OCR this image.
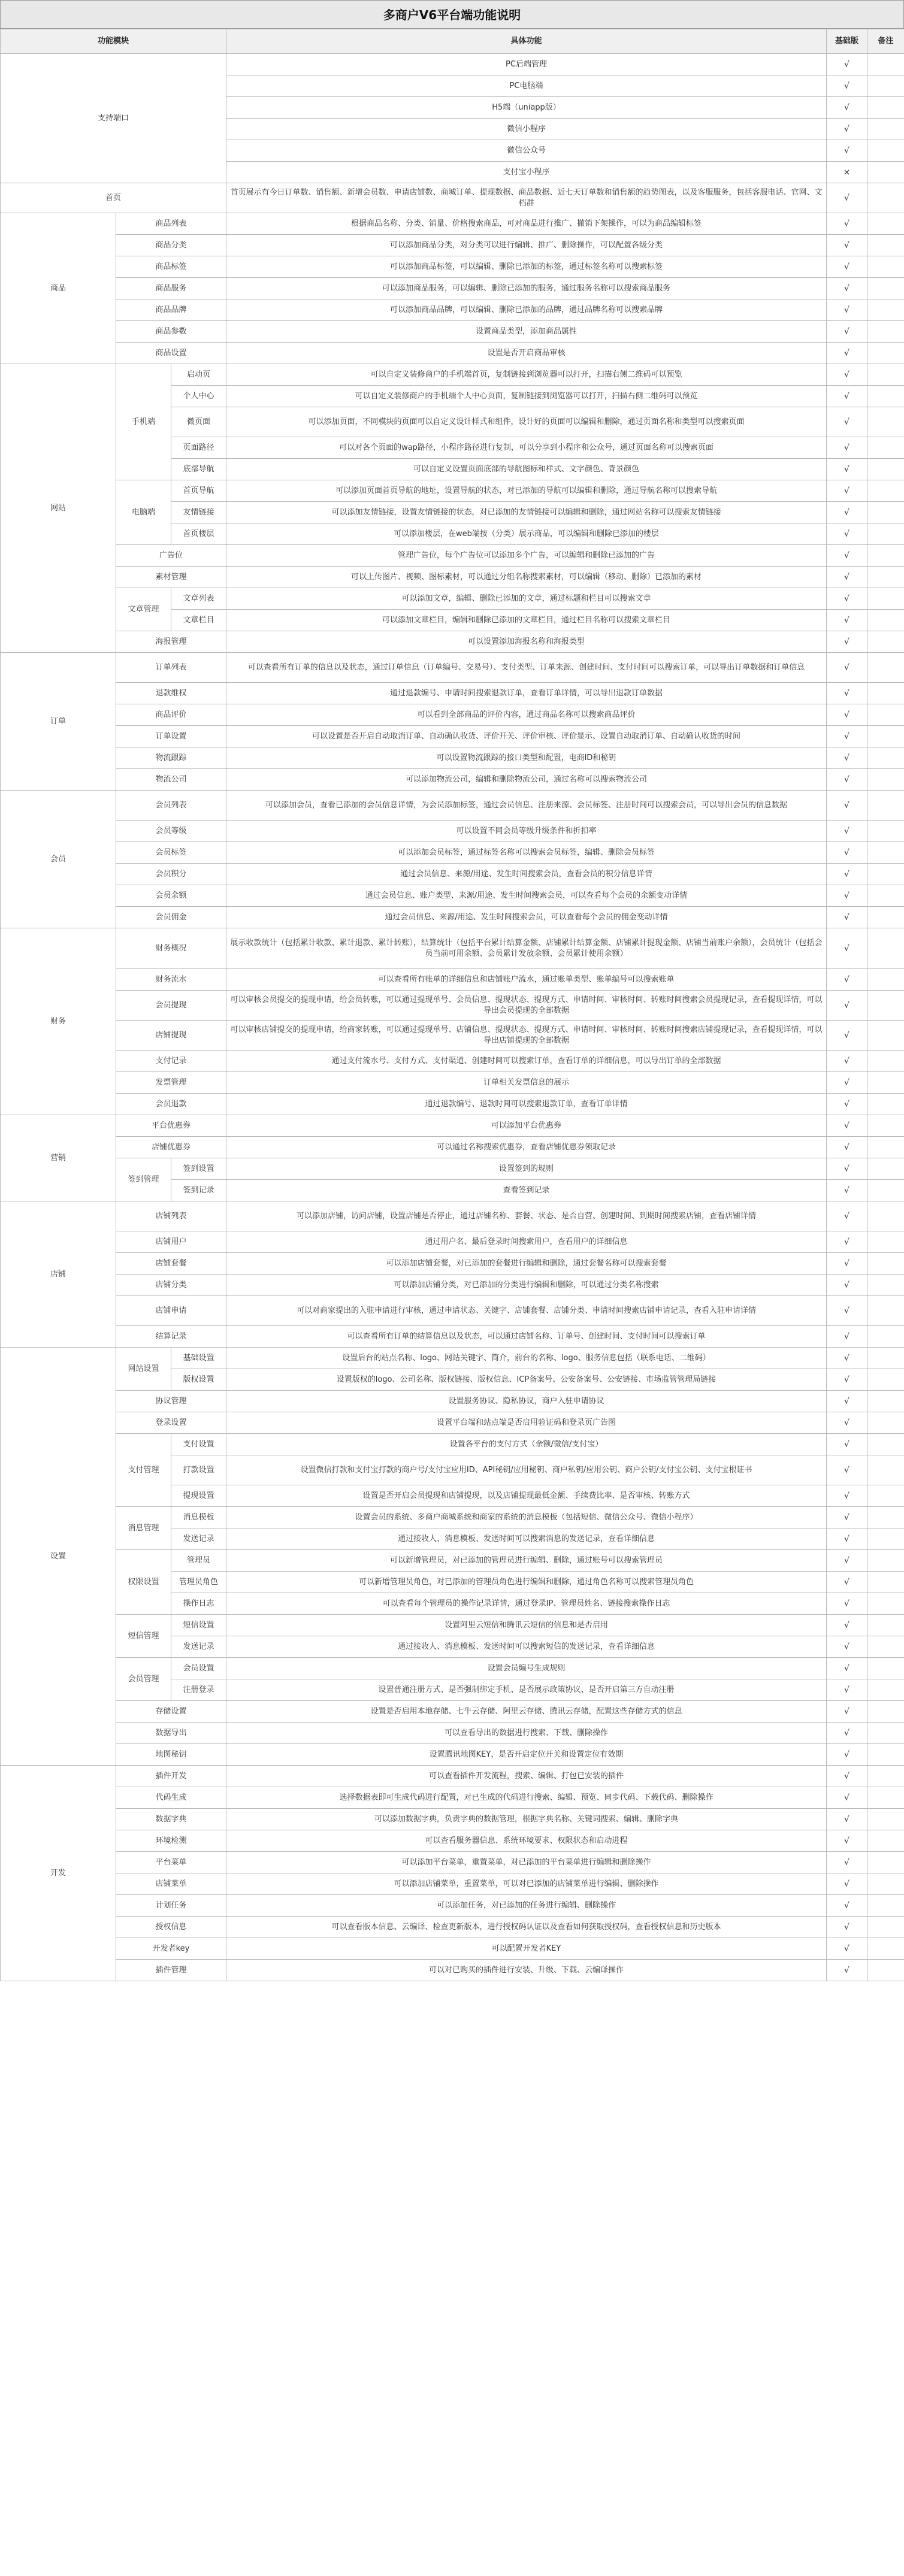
多商户V6平台端功能说明
功能模块			具体功能	基础版	备注
支持端口			PC后端管理	√	
			PC电脑端	√	
			H5端（uniapp版）	√	
			微信小程序	√	
			微信公众号	√	
			支付宝小程序	×	
首页			首页展示有今日订单数、销售额、新增会员数、申请店铺数、商城订单、提现数据、商品数据、近七天订单数和销售额的趋势图表，以及客服服务，包括客服电话、官网、文档群	√	
商品	商品列表		根据商品名称、分类、销量、价格搜索商品，可对商品进行推广、撤销下架操作，可以为商品编辑标签	√	
	商品分类		可以添加商品分类，对分类可以进行编辑、推广、删除操作，可以配置各级分类	√	
	商品标签		可以添加商品标签，可以编辑、删除已添加的标签，通过标签名称可以搜索标签	√	
	商品服务		可以添加商品服务，可以编辑、删除已添加的服务，通过服务名称可以搜索商品服务	√	
	商品品牌		可以添加商品品牌，可以编辑、删除已添加的品牌，通过品牌名称可以搜索品牌	√	
	商品参数		设置商品类型，添加商品属性	√	
	商品设置		设置是否开启商品审核	√	
网站	手机端	启动页	可以自定义装修商户的手机端首页，复制链接到浏览器可以打开，扫描右侧二维码可以预览	√	
		个人中心	可以自定义装修商户的手机端个人中心页面，复制链接到浏览器可以打开，扫描右侧二维码可以预览	√	
		微页面	可以添加页面，不同模块的页面可以自定义设计样式和组件，设计好的页面可以编辑和删除，通过页面名称和类型可以搜索页面	√	
		页面路径	可以对各个页面的wap路径，小程序路径进行复制，可以分享到小程序和公众号，通过页面名称可以搜索页面	√	
		底部导航	可以自定义设置页面底部的导航图标和样式、文字颜色、背景颜色	√	
	电脑端	首页导航	可以添加页面首页导航的地址，设置导航的状态，对已添加的导航可以编辑和删除，通过导航名称可以搜索导航	√	
		友情链接	可以添加友情链接，设置友情链接的状态，对已添加的友情链接可以编辑和删除，通过网站名称可以搜索友情链接	√	
		首页楼层	可以添加楼层，在web端按（分类）展示商品，可以编辑和删除已添加的楼层	√	
	广告位		管理广告位，每个广告位可以添加多个广告，可以编辑和删除已添加的广告	√	
	素材管理		可以上传图片、视频、图标素材，可以通过分组名称搜索素材，可以编辑（移动、删除）已添加的素材	√	
	文章管理	文章列表	可以添加文章，编辑、删除已添加的文章，通过标题和栏目可以搜索文章	√	
		文章栏目	可以添加文章栏目，编辑和删除已添加的文章栏目，通过栏目名称可以搜索文章栏目	√	
	海报管理		可以设置添加海报名称和海报类型	√	
订单	订单列表		可以查看所有订单的信息以及状态，通过订单信息（订单编号、交易号）、支付类型、订单来源、创建时间、支付时间可以搜索订单，可以导出订单数据和订单信息	√	
	退款维权		通过退款编号、申请时间搜索退款订单，查看订单详情，可以导出退款订单数据	√	
	商品评价		可以看到全部商品的评价内容，通过商品名称可以搜索商品评价	√	
	订单设置		可以设置是否开启自动取消订单、自动确认收货、评价开关、评价审核、评价显示、设置自动取消订单、自动确认收货的时间	√	
	物流跟踪		可以设置物流跟踪的接口类型和配置，电商ID和秘钥	√	
	物流公司		可以添加物流公司，编辑和删除物流公司，通过名称可以搜索物流公司	√	
会员	会员列表		可以添加会员，查看已添加的会员信息详情，为会员添加标签，通过会员信息、注册来源、会员标签、注册时间可以搜索会员，可以导出会员的信息数据	√	
	会员等级		可以设置不同会员等级升级条件和折扣率	√	
	会员标签		可以添加会员标签，通过标签名称可以搜索会员标签，编辑、删除会员标签	√	
	会员积分		通过会员信息、来源/用途、发生时间搜索会员，查看会员的积分信息详情	√	
	会员余额		通过会员信息、账户类型、来源/用途、发生时间搜索会员，可以查看每个会员的余额变动详情	√	
	会员佣金		通过会员信息、来源/用途、发生时间搜索会员，可以查看每个会员的佣金变动详情	√	
财务	财务概况		展示收款统计（包括累计收款、累计退款、累计转账），结算统计（包括平台累计结算金额、店铺累计结算金额、店铺累计提现金额、店铺当前账户余额），会员统计（包括会员当前可用余额、会员累计发放余额、会员累计使用余额）	√	
	财务流水		可以查看所有账单的详细信息和店铺账户流水，通过账单类型、账单编号可以搜索账单	√	
	会员提现		可以审核会员提交的提现申请，给会员转账，可以通过提现单号、会员信息、提现状态、提现方式、申请时间、审核时间、转账时间搜索会员提现记录，查看提现详情，可以导出会员提现的全部数据	√	
	店铺提现		可以审核店铺提交的提现申请，给商家转账，可以通过提现单号、店铺信息、提现状态、提现方式、申请时间、审核时间、转账时间搜索店铺提现记录，查看提现详情，可以导出店铺提现的全部数据	√	
	支付记录		通过支付流水号、支付方式、支付渠道、创建时间可以搜索订单，查看订单的详细信息，可以导出订单的全部数据	√	
	发票管理		订单相关发票信息的展示	√	
	会员退款		通过退款编号、退款时间可以搜索退款订单，查看订单详情	√	
营销	平台优惠券		可以添加平台优惠券	√	
	店铺优惠券		可以通过名称搜索优惠券，查看店铺优惠券领取记录	√	
	签到管理	签到设置	设置签到的规则	√	
		签到记录	查看签到记录	√	
店铺	店铺列表		可以添加店铺，访问店铺，设置店铺是否停止，通过店铺名称、套餐、状态、是否自营、创建时间、到期时间搜索店铺，查看店铺详情	√	
	店铺用户		通过用户名、最后登录时间搜索用户，查看用户的详细信息	√	
	店铺套餐		可以添加店铺套餐，对已添加的套餐进行编辑和删除，通过套餐名称可以搜索套餐	√	
	店铺分类		可以添加店铺分类，对已添加的分类进行编辑和删除，可以通过分类名称搜索	√	
	店铺申请		可以对商家提出的入驻申请进行审核，通过申请状态、关键字、店铺套餐、店铺分类、申请时间搜索店铺申请记录，查看入驻申请详情	√	
	结算记录		可以查看所有订单的结算信息以及状态，可以通过店铺名称、订单号、创建时间、支付时间可以搜索订单	√	
设置	网站设置	基础设置	设置后台的站点名称、logo、网站关键字、简介，前台的名称、logo、服务信息包括（联系电话、二维码）	√	
		版权设置	设置版权的logo、公司名称、版权链接、版权信息、ICP备案号、公安备案号、公安链接、市场监管管理局链接	√	
	协议管理		设置服务协议、隐私协议，商户入驻申请协议	√	
	登录设置		设置平台端和站点端是否启用验证码和登录页广告图	√	
	支付管理	支付设置	设置各平台的支付方式（余额/微信/支付宝）	√	
		打款设置	设置微信打款和支付宝打款的商户号/支付宝应用ID、API秘钥/应用秘钥、商户私钥/应用公钥、商户公钥/支付宝公钥、支付宝根证书	√	
		提现设置	设置是否开启会员提现和店铺提现，以及店铺提现最低金额、手续费比率、是否审核、转账方式	√	
	消息管理	消息模板	设置会员的系统、多商户商城系统和商家的系统的消息模板（包括短信、微信公众号、微信小程序）	√	
		发送记录	通过接收人、消息模板、发送时间可以搜索消息的发送记录，查看详细信息	√	
	权限设置	管理员	可以新增管理员，对已添加的管理员进行编辑、删除，通过账号可以搜索管理员	√	
		管理员角色	可以新增管理员角色，对已添加的管理员角色进行编辑和删除，通过角色名称可以搜索管理员角色	√	
		操作日志	可以查看每个管理员的操作记录详情，通过登录IP、管理员姓名、链接搜索操作日志	√	
	短信管理	短信设置	设置阿里云短信和腾讯云短信的信息和是否启用	√	
		发送记录	通过接收人、消息模板、发送时间可以搜索短信的发送记录，查看详细信息	√	
	会员管理	会员设置	设置会员编号生成规则	√	
		注册登录	设置普通注册方式、是否强制绑定手机、是否展示政策协议、是否开启第三方自动注册	√	
	存储设置		设置是否启用本地存储、七牛云存储、阿里云存储、腾讯云存储，配置这些存储方式的信息	√	
	数据导出		可以查看导出的数据进行搜索、下载、删除操作	√	
	地图秘钥		设置腾讯地图KEY，是否开启定位开关和设置定位有效期	√	
开发	插件开发		可以查看插件开发流程，搜索、编辑、打包已安装的插件	√	
	代码生成		选择数据表即可生成代码进行配置，对已生成的代码进行搜索、编辑、预览、同步代码、下载代码、删除操作	√	
	数据字典		可以添加数据字典，负责字典的数据管理，根据字典名称、关键词搜索、编辑、删除字典	√	
	环境检测		可以查看服务器信息、系统环境要求、权限状态和启动进程	√	
	平台菜单		可以添加平台菜单，重置菜单，对已添加的平台菜单进行编辑和删除操作	√	
	店铺菜单		可以添加店铺菜单，重置菜单，可以对已添加的店铺菜单进行编辑、删除操作	√	
	计划任务		可以添加任务，对已添加的任务进行编辑、删除操作	√	
	授权信息		可以查看版本信息、云编译、检查更新版本，进行授权码认证以及查看如何获取授权码，查看授权信息和历史版本	√	
	开发者key		可以配置开发者KEY	√	
	插件管理		可以对已购买的插件进行安装、升级、下载、云编译操作	√	
